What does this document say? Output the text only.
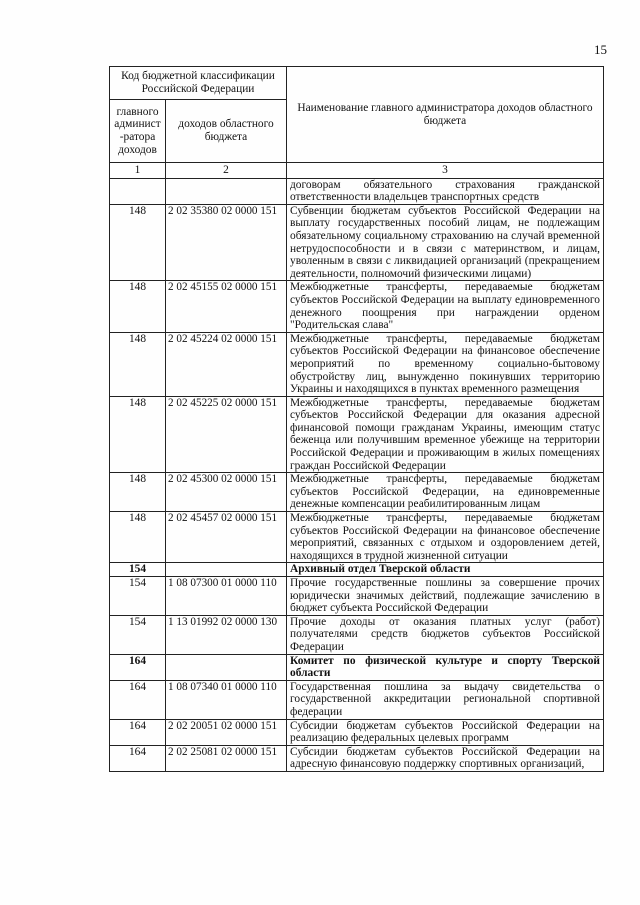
15
Код бюджетной классификации Российской Федерации		Наименование главного администратора доходов областного бюджета
главного админист-ратора доходов	доходов областного бюджета	
1	2	3
		договорам обязательного страхования гражданской ответственности владельцев транспортных средств
148	2 02 35380 02 0000 151	Субвенции бюджетам субъектов Российской Федерации на выплату государственных пособий лицам, не подлежащим обязательному социальному страхованию на случай временной нетрудоспособности и в связи с материнством, и лицам, уволенным в связи с ликвидацией организаций (прекращением деятельности, полномочий физическими лицами)
148	2 02 45155 02 0000 151	Межбюджетные трансферты, передаваемые бюджетам субъектов Российской Федерации на выплату единовременного денежного поощрения при награждении орденом "Родительская слава"
148	2 02 45224 02 0000 151	Межбюджетные трансферты, передаваемые бюджетам субъектов Российской Федерации на финансовое обеспечение мероприятий по временному социально-бытовому обустройству лиц, вынужденно покинувших территорию Украины и находящихся в пунктах временного размещения
148	2 02 45225 02 0000 151	Межбюджетные трансферты, передаваемые бюджетам субъектов Российской Федерации для оказания адресной финансовой помощи гражданам Украины, имеющим статус беженца или получившим временное убежище на территории Российской Федерации и проживающим в жилых помещениях граждан Российской Федерации
148	2 02 45300 02 0000 151	Межбюджетные трансферты, передаваемые бюджетам субъектов Российской Федерации, на единовременные денежные компенсации реабилитированным лицам
148	2 02 45457 02 0000 151	Межбюджетные трансферты, передаваемые бюджетам субъектов Российской Федерации на финансовое обеспечение мероприятий, связанных с отдыхом и оздоровлением детей, находящихся в трудной жизненной ситуации
154		Архивный отдел Тверской области
154	1 08 07300 01 0000 110	Прочие государственные пошлины за совершение прочих юридически значимых действий, подлежащие зачислению в бюджет субъекта Российской Федерации
154	1 13 01992 02 0000 130	Прочие доходы от оказания платных услуг (работ) получателями средств бюджетов субъектов Российской Федерации
164		Комитет по физической культуре и спорту Тверской области
164	1 08 07340 01 0000 110	Государственная пошлина за выдачу свидетельства о государственной аккредитации региональной спортивной федерации
164	2 02 20051 02 0000 151	Субсидии бюджетам субъектов Российской Федерации на реализацию федеральных целевых программ
164	2 02 25081 02 0000 151	Субсидии бюджетам субъектов Российской Федерации на адресную финансовую поддержку спортивных организаций,
